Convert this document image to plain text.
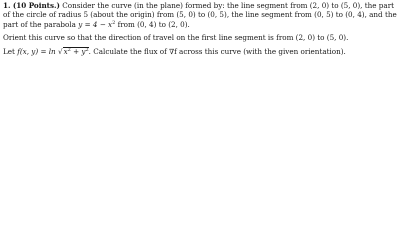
1. (10 Points.) Consider the curve (in the plane) formed by: the line segment from (2, 0) to (5, 0), the part
of the circle of radius 5 (about the origin) from (5, 0) to (0, 5), the line segment from (0, 5) to (0, 4), and the
part of the parabola $y = 4 - x^2$ from (0, 4) to (2, 0).
Orient this curve so that the direction of travel on the first line segment is from (2, 0) to (5, 0).
Let f(x, $y) = \ln √x^2 + y^2$. Calculate the flux of ∇f across this curve (with the given orientation).
